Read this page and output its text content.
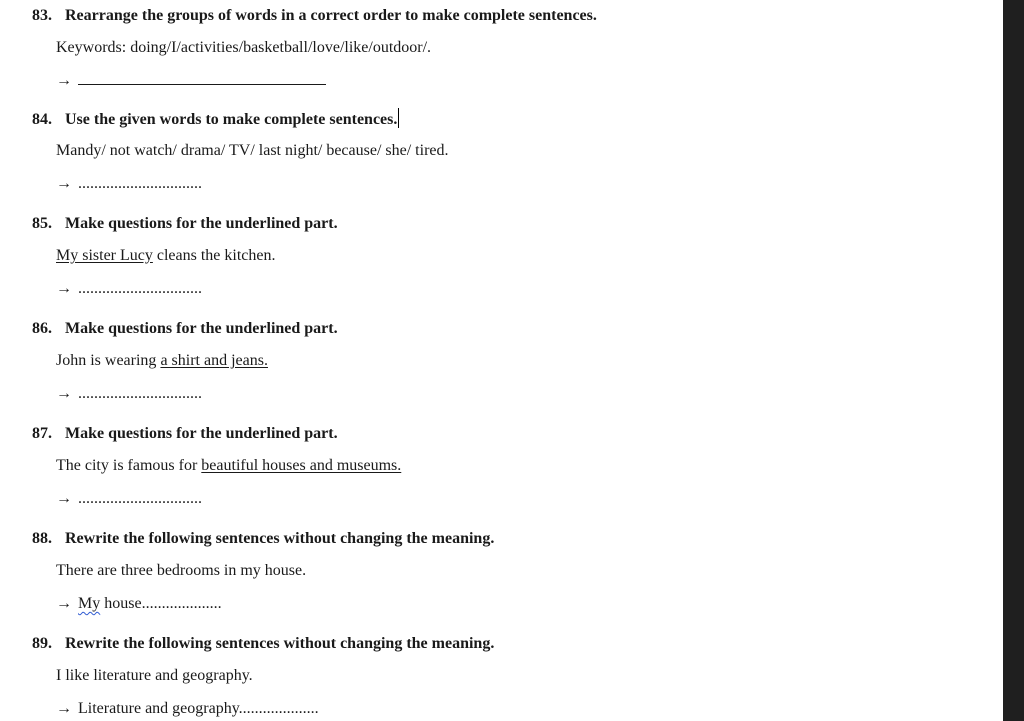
83. Rearrange the groups of words in a correct order to make complete sentences.
Keywords: doing/I/activities/basketball/love/like/outdoor/.
→
84. Use the given words to make complete sentences.
Mandy/ not watch/ drama/ TV/ last night/ because/ she/ tired.
→ ...............................
85. Make questions for the underlined part.
My sister Lucy cleans the kitchen.
→ ...............................
86. Make questions for the underlined part.
John is wearing a shirt and jeans.
→ ...............................
87. Make questions for the underlined part.
The city is famous for beautiful houses and museums.
→ ...............................
88. Rewrite the following sentences without changing the meaning.
There are three bedrooms in my house.
→ My house....................
89. Rewrite the following sentences without changing the meaning.
I like literature and geography.
→ Literature and geography....................
